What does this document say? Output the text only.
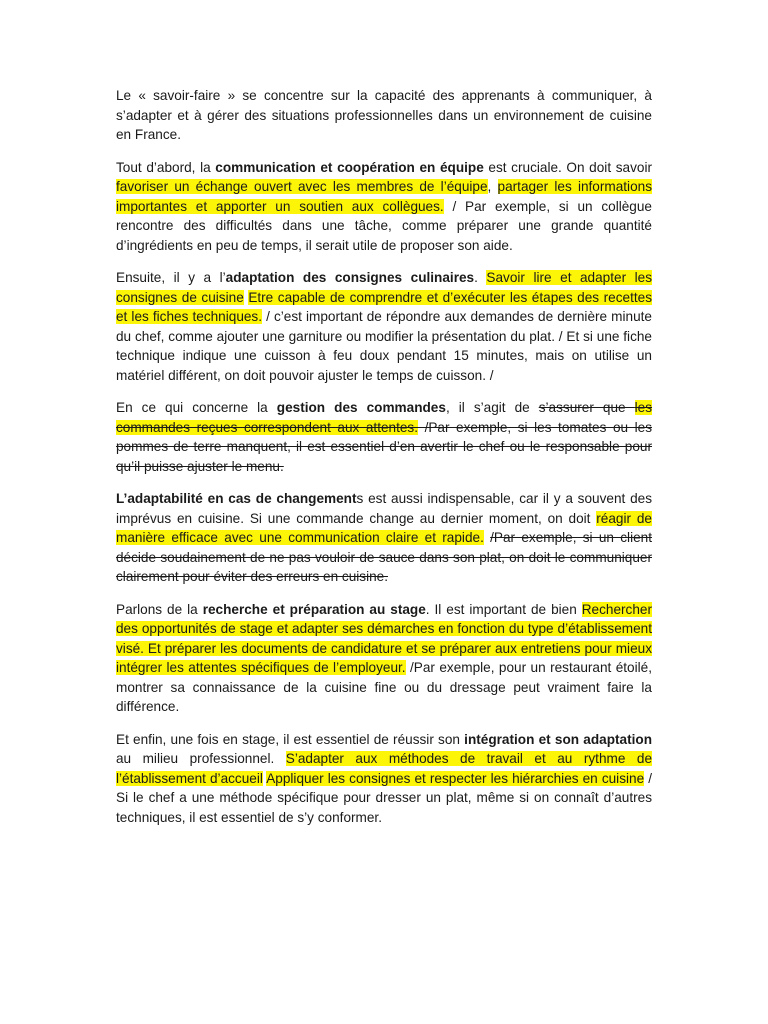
Le « savoir-faire » se concentre sur la capacité des apprenants à communiquer, à s’adapter et à gérer des situations professionnelles dans un environnement de cuisine en France.

Tout d’abord, la communication et coopération en équipe est cruciale. On doit savoir favoriser un échange ouvert avec les membres de l’équipe, partager les informations importantes et apporter un soutien aux collègues. / Par exemple, si un collègue rencontre des difficultés dans une tâche, comme préparer une grande quantité d’ingrédients en peu de temps, il serait utile de proposer son aide.

Ensuite, il y a l’adaptation des consignes culinaires. Savoir lire et adapter les consignes de cuisine Etre capable de comprendre et d’exécuter les étapes des recettes et les fiches techniques. / c’est important de répondre aux demandes de dernière minute du chef, comme ajouter une garniture ou modifier la présentation du plat. / Et si une fiche technique indique une cuisson à feu doux pendant 15 minutes, mais on utilise un matériel différent, on doit pouvoir ajuster le temps de cuisson. /

En ce qui concerne la gestion des commandes, il s’agit de s’assurer que les commandes reçues correspondent aux attentes. /Par exemple, si les tomates ou les pommes de terre manquent, il est essentiel d’en avertir le chef ou le responsable pour qu’il puisse ajuster le menu.

L’adaptabilité en cas de changements est aussi indispensable, car il y a souvent des imprévus en cuisine. Si une commande change au dernier moment, on doit réagir de manière efficace avec une communication claire et rapide. /Par exemple, si un client décide soudainement de ne pas vouloir de sauce dans son plat, on doit le communiquer clairement pour éviter des erreurs en cuisine.

Parlons de la recherche et préparation au stage. Il est important de bien Rechercher des opportunités de stage et adapter ses démarches en fonction du type d’établissement visé. Et préparer les documents de candidature et se préparer aux entretiens pour mieux intégrer les attentes spécifiques de l’employeur. /Par exemple, pour un restaurant étoilé, montrer sa connaissance de la cuisine fine ou du dressage peut vraiment faire la différence.

Et enfin, une fois en stage, il est essentiel de réussir son intégration et son adaptation au milieu professionnel. S’adapter aux méthodes de travail et au rythme de l’établissement d’accueil Appliquer les consignes et respecter les hiérarchies en cuisine / Si le chef a une méthode spécifique pour dresser un plat, même si on connaît d’autres techniques, il est essentiel de s’y conformer.
